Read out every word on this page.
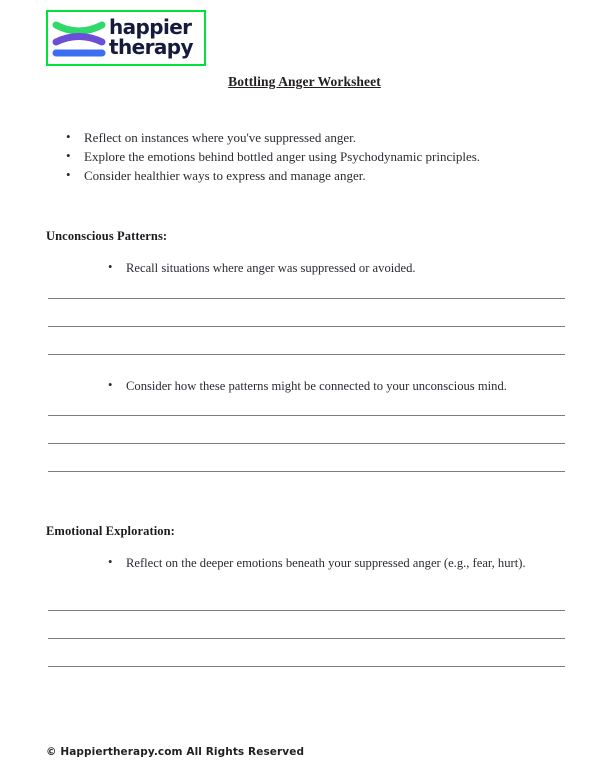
happier
therapy
Bottling Anger Worksheet
• Reflect on instances where you've suppressed anger.
• Explore the emotions behind bottled anger using Psychodynamic principles.
• Consider healthier ways to express and manage anger.
Unconscious Patterns:
• Recall situations where anger was suppressed or avoided.
• Consider how these patterns might be connected to your unconscious mind.
Emotional Exploration:
• Reflect on the deeper emotions beneath your suppressed anger (e.g., fear, hurt).
© Happiertherapy.com All Rights Reserved
